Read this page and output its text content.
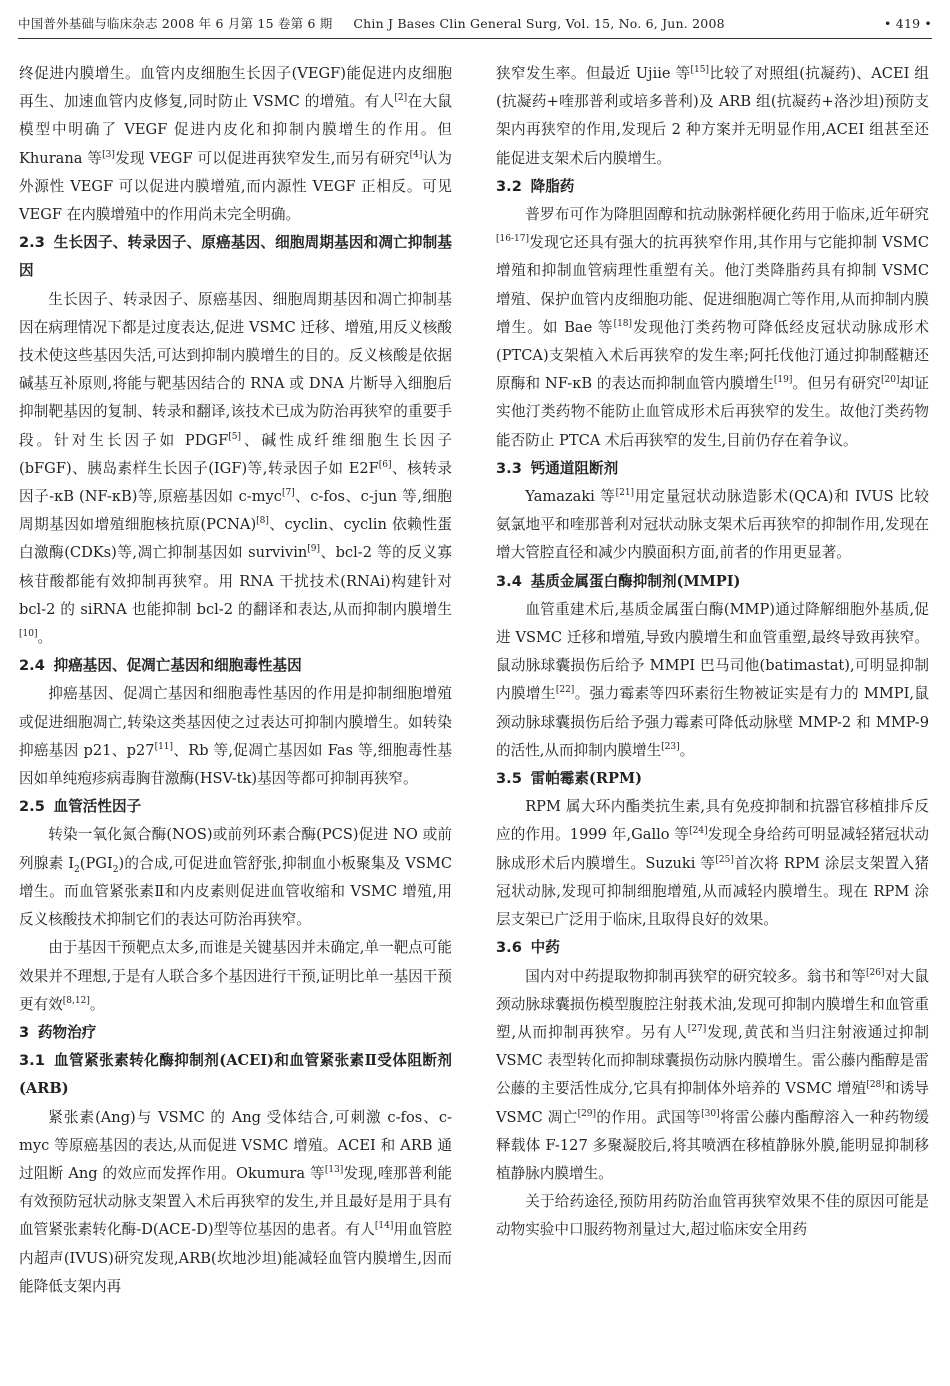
中国普外基础与临床杂志 2008 年 6 月第 15 卷第 6 期 Chin J Bases Clin General Surg, Vol. 15, No. 6, Jun. 2008	• 419 •

终促进内膜增生。血管内皮细胞生长因子(VEGF)能促进内皮细胞再生、加速血管内皮修复,同时防止 VSMC 的增殖。有人[2]在大鼠模型中明确了 VEGF 促进内皮化和抑制内膜增生的作用。但 Khurana 等[3]发现 VEGF 可以促进再狭窄发生,而另有研究[4]认为外源性 VEGF 可以促进内膜增殖,而内源性 VEGF 正相反。可见 VEGF 在内膜增殖中的作用尚未完全明确。

2.3 生长因子、转录因子、原癌基因、细胞周期基因和凋亡抑制基因

生长因子、转录因子、原癌基因、细胞周期基因和凋亡抑制基因在病理情况下都是过度表达,促进 VSMC 迁移、增殖,用反义核酸技术使这些基因失活,可达到抑制内膜增生的目的。反义核酸是依据碱基互补原则,将能与靶基因结合的 RNA 或 DNA 片断导入细胞后抑制靶基因的复制、转录和翻译,该技术已成为防治再狭窄的重要手段。针对生长因子如 PDGF[5]、碱性成纤维细胞生长因子(bFGF)、胰岛素样生长因子(IGF)等,转录因子如 E2F[6]、核转录因子-κB (NF-κB)等,原癌基因如 c-myc[7]、c-fos、c-jun 等,细胞周期基因如增殖细胞核抗原(PCNA)[8]、cyclin、cyclin 依赖性蛋白激酶(CDKs)等,凋亡抑制基因如 survivin[9]、bcl-2 等的反义寡核苷酸都能有效抑制再狭窄。用 RNA 干扰技术(RNAi)构建针对 bcl-2 的 siRNA 也能抑制 bcl-2 的翻译和表达,从而抑制内膜增生[10]。

2.4 抑癌基因、促凋亡基因和细胞毒性基因

抑癌基因、促凋亡基因和细胞毒性基因的作用是抑制细胞增殖或促进细胞凋亡,转染这类基因使之过表达可抑制内膜增生。如转染抑癌基因 p21、p27[11]、Rb 等,促凋亡基因如 Fas 等,细胞毒性基因如单纯疱疹病毒胸苷激酶(HSV-tk)基因等都可抑制再狭窄。

2.5 血管活性因子

转染一氧化氮合酶(NOS)或前列环素合酶(PCS)促进 NO 或前列腺素 $I_2(PGI_2)$的合成,可促进血管舒张,抑制血小板聚集及 VSMC 增生。而血管紧张素Ⅱ和内皮素则促进血管收缩和 VSMC 增殖,用反义核酸技术抑制它们的表达可防治再狭窄。

由于基因干预靶点太多,而谁是关键基因并未确定,单一靶点可能效果并不理想,于是有人联合多个基因进行干预,证明比单一基因干预更有效[8,12]。

3 药物治疗

3.1 血管紧张素转化酶抑制剂(ACEI)和血管紧张素Ⅱ受体阻断剂(ARB)

紧张素(Ang)与 VSMC 的 Ang 受体结合,可刺激 c-fos、c-myc 等原癌基因的表达,从而促进 VSMC 增殖。ACEI 和 ARB 通过阻断 Ang 的效应而发挥作用。Okumura 等[13]发现,喹那普利能有效预防冠状动脉支架置入术后再狭窄的发生,并且最好是用于具有血管紧张素转化酶-D(ACE-D)型等位基因的患者。有人[14]用血管腔内超声(IVUS)研究发现,ARB(坎地沙坦)能减轻血管内膜增生,因而能降低支架内再

狭窄发生率。但最近 Ujiie 等[15]比较了对照组(抗凝药)、ACEI 组(抗凝药+喹那普利或培多普利)及 ARB 组(抗凝药+洛沙坦)预防支架内再狭窄的作用,发现后 2 种方案并无明显作用,ACEI 组甚至还能促进支架术后内膜增生。

3.2 降脂药

普罗布可作为降胆固醇和抗动脉粥样硬化药用于临床,近年研究[16-17]发现它还具有强大的抗再狭窄作用,其作用与它能抑制 VSMC 增殖和抑制血管病理性重塑有关。他汀类降脂药具有抑制 VSMC 增殖、保护血管内皮细胞功能、促进细胞凋亡等作用,从而抑制内膜增生。如 Bae 等[18]发现他汀类药物可降低经皮冠状动脉成形术(PTCA)支架植入术后再狭窄的发生率;阿托伐他汀通过抑制醛糖还原酶和 NF-κB 的表达而抑制血管内膜增生[19]。但另有研究[20]却证实他汀类药物不能防止血管成形术后再狭窄的发生。故他汀类药物能否防止 PTCA 术后再狭窄的发生,目前仍存在着争议。

3.3 钙通道阻断剂

Yamazaki 等[21]用定量冠状动脉造影术(QCA)和 IVUS 比较氨氯地平和喹那普利对冠状动脉支架术后再狭窄的抑制作用,发现在增大管腔直径和减少内膜面积方面,前者的作用更显著。

3.4 基质金属蛋白酶抑制剂(MMPI)

血管重建术后,基质金属蛋白酶(MMP)通过降解细胞外基质,促进 VSMC 迁移和增殖,导致内膜增生和血管重塑,最终导致再狭窄。鼠动脉球囊损伤后给予 MMPI 巴马司他(batimastat),可明显抑制内膜增生[22]。强力霉素等四环素衍生物被证实是有力的 MMPI,鼠颈动脉球囊损伤后给予强力霉素可降低动脉壁 MMP-2 和 MMP-9 的活性,从而抑制内膜增生[23]。

3.5 雷帕霉素(RPM)

RPM 属大环内酯类抗生素,具有免疫抑制和抗器官移植排斥反应的作用。1999 年,Gallo 等[24]发现全身给药可明显减轻猪冠状动脉成形术后内膜增生。Suzuki 等[25]首次将 RPM 涂层支架置入猪冠状动脉,发现可抑制细胞增殖,从而减轻内膜增生。现在 RPM 涂层支架已广泛用于临床,且取得良好的效果。

3.6 中药

国内对中药提取物抑制再狭窄的研究较多。翁书和等[26]对大鼠颈动脉球囊损伤模型腹腔注射莪术油,发现可抑制内膜增生和血管重塑,从而抑制再狭窄。另有人[27]发现,黄芪和当归注射液通过抑制 VSMC 表型转化而抑制球囊损伤动脉内膜增生。雷公藤内酯醇是雷公藤的主要活性成分,它具有抑制体外培养的 VSMC 增殖[28]和诱导 VSMC 凋亡[29]的作用。武国等[30]将雷公藤内酯醇溶入一种药物缓释载体 F-127 多聚凝胶后,将其喷洒在移植静脉外膜,能明显抑制移植静脉内膜增生。

关于给药途径,预防用药防治血管再狭窄效果不佳的原因可能是动物实验中口服药物剂量过大,超过临床安全用药
